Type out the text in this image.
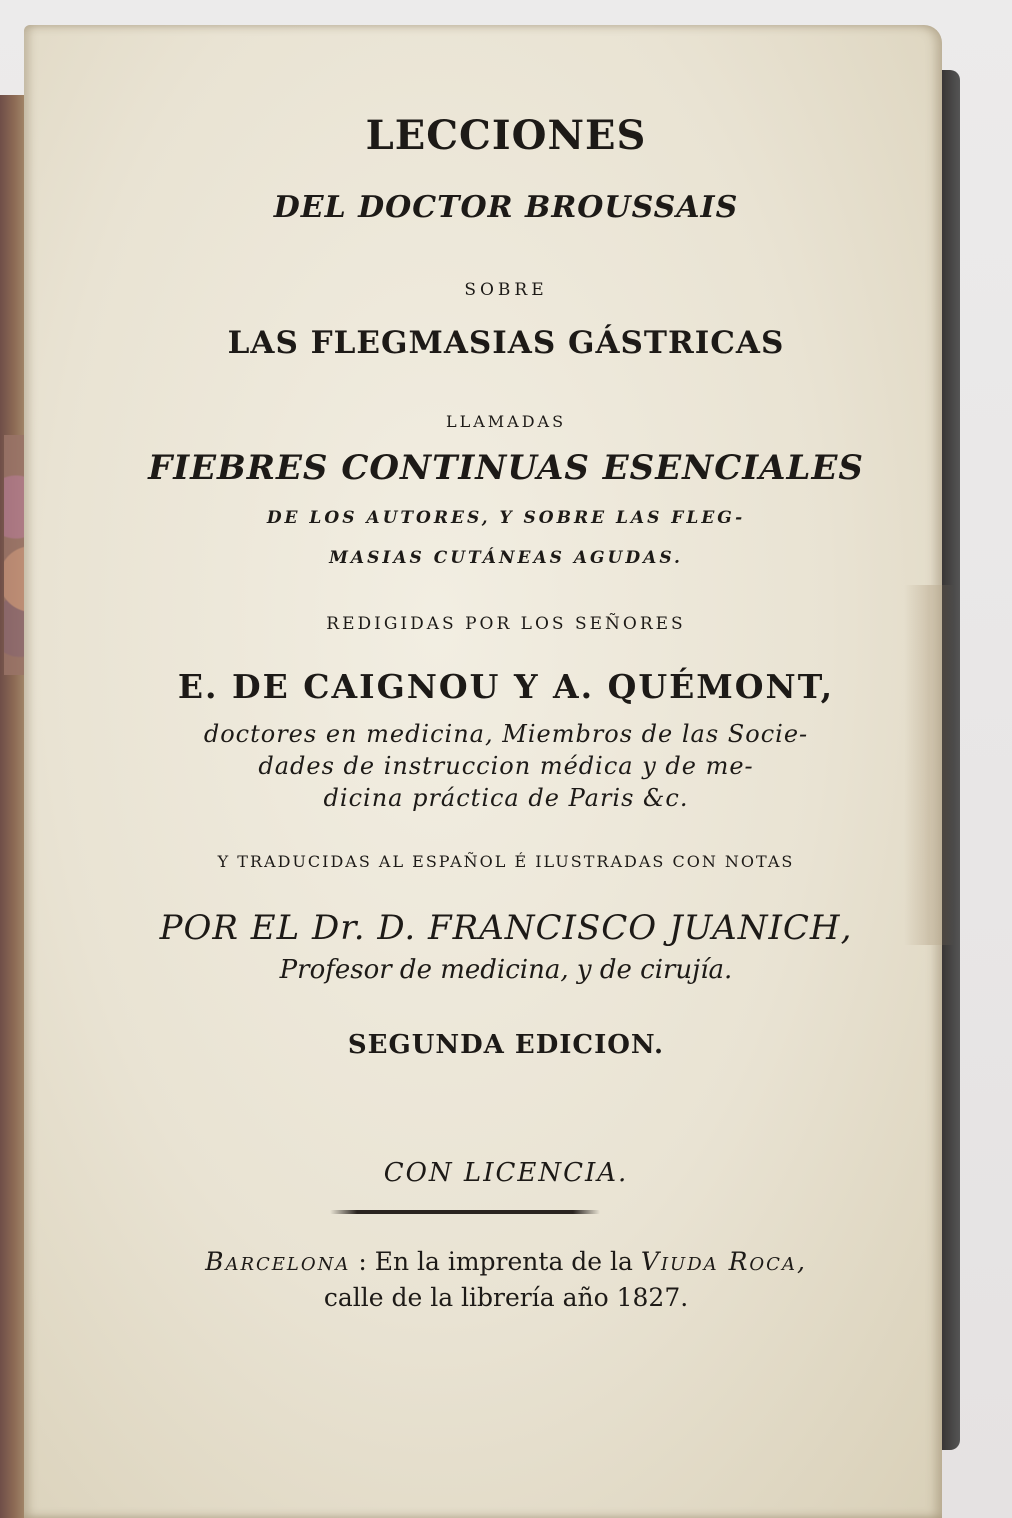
LECCIONES
DEL DOCTOR BROUSSAIS
SOBRE
LAS FLEGMASIAS GÁSTRICAS
LLAMADAS
FIEBRES CONTINUAS ESENCIALES
DE LOS AUTORES, Y SOBRE LAS FLEG-
MASIAS CUTÁNEAS AGUDAS.
REDIGIDAS POR LOS SEÑORES
E. DE CAIGNOU Y A. QUÉMONT,
doctores en medicina, Miembros de las Socie-
dades de instruccion médica y de me-
dicina práctica de Paris &c.
Y TRADUCIDAS AL ESPAÑOL É ILUSTRADAS CON NOTAS
POR EL Dr. D. FRANCISCO JUANICH,
Profesor de medicina, y de cirujía.
SEGUNDA EDICION.
CON LICENCIA.
Barcelona : En la imprenta de la Viuda Roca,
calle de la librería año 1827.
